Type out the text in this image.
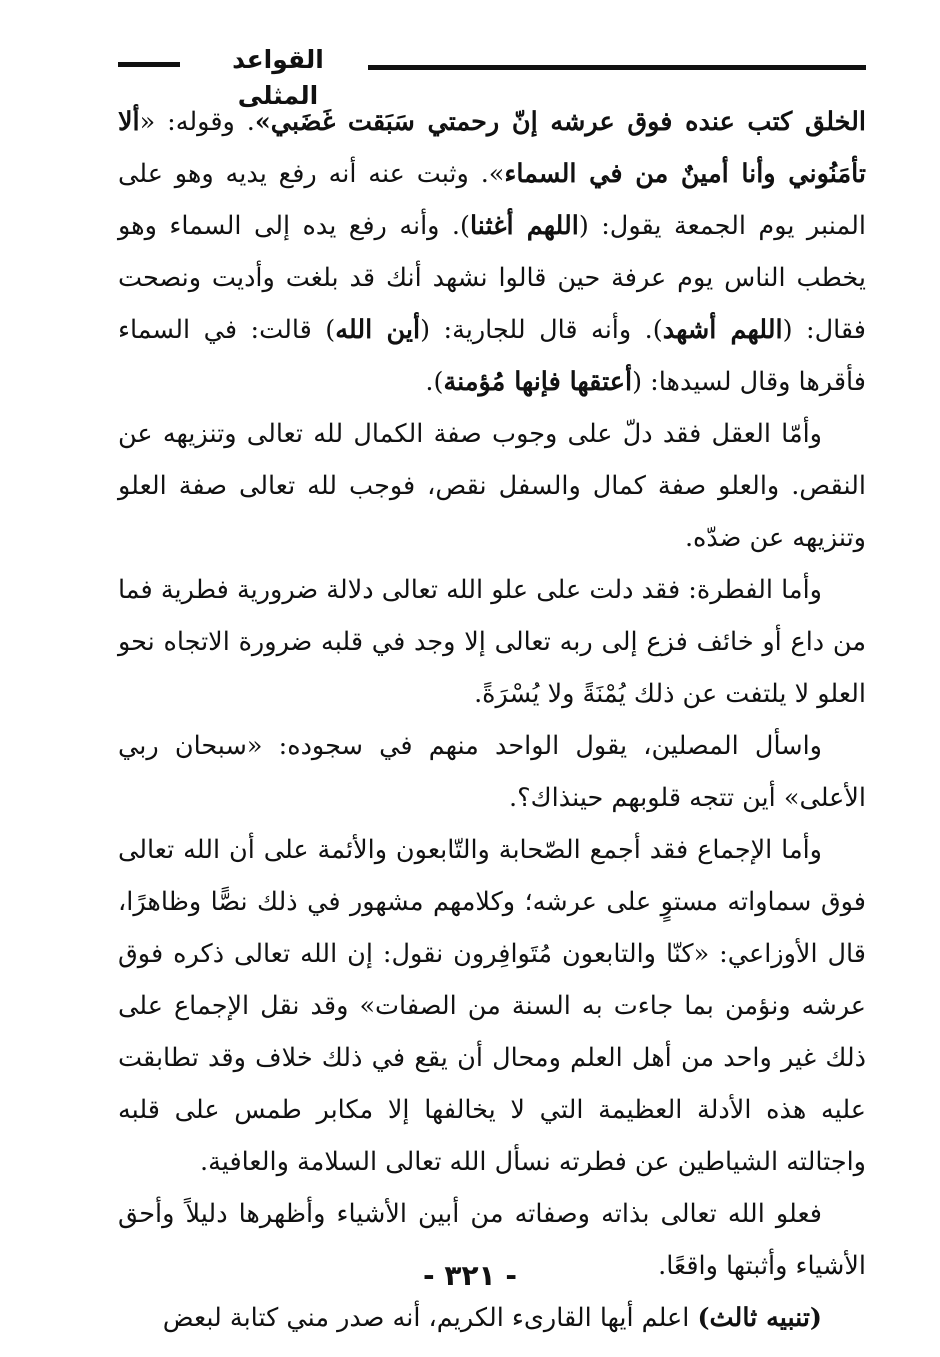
القواعد المثلى

الخلق كتب عنده فوق عرشه إنّ رحمتي سَبَقت غَضَبي». وقوله: «ألا تأمَنُوني وأنا أمينٌ من في السماء». وثبت عنه أنه رفع يديه وهو على المنبر يوم الجمعة يقول: (اللهم أغثنا). وأنه رفع يده إلى السماء وهو يخطب الناس يوم عرفة حين قالوا نشهد أنك قد بلغت وأديت ونصحت فقال: (اللهم أشهد). وأنه قال للجارية: (أين الله) قالت: في السماء فأقرها وقال لسيدها: (أعتقها فإنها مُؤمنة).

وأمّا العقل فقد دلّ على وجوب صفة الكمال لله تعالى وتنزيهه عن النقص. والعلو صفة كمال والسفل نقص، فوجب لله تعالى صفة العلو وتنزيهه عن ضدّه.

وأما الفطرة: فقد دلت على علو الله تعالى دلالة ضرورية فطرية فما من داع أو خائف فزع إلى ربه تعالى إلا وجد في قلبه ضرورة الاتجاه نحو العلو لا يلتفت عن ذلك يُمْنَةً ولا يُسْرَةً.

واسأل المصلين، يقول الواحد منهم في سجوده: «سبحان ربي الأعلى» أين تتجه قلوبهم حينذاك؟.

وأما الإجماع فقد أجمع الصّحابة والتّابعون والأئمة على أن الله تعالى فوق سماواته مستوٍ على عرشه؛ وكلامهم مشهور في ذلك نصًّا وظاهرًا، قال الأوزاعي: «كنّا والتابعون مُتَوافِرون نقول: إن الله تعالى ذكره فوق عرشه ونؤمن بما جاءت به السنة من الصفات» وقد نقل الإجماع على ذلك غير واحد من أهل العلم ومحال أن يقع في ذلك خلاف وقد تطابقت عليه هذه الأدلة العظيمة التي لا يخالفها إلا مكابر طمس على قلبه واجتالته الشياطين عن فطرته نسأل الله تعالى السلامة والعافية.

فعلو الله تعالى بذاته وصفاته من أبين الأشياء وأظهرها دليلاً وأحق الأشياء وأثبتها واقعًا.

(تنبيه ثالث) اعلم أيها القارىء الكريم، أنه صدر مني كتابة لبعض

- ٣٢١ -
